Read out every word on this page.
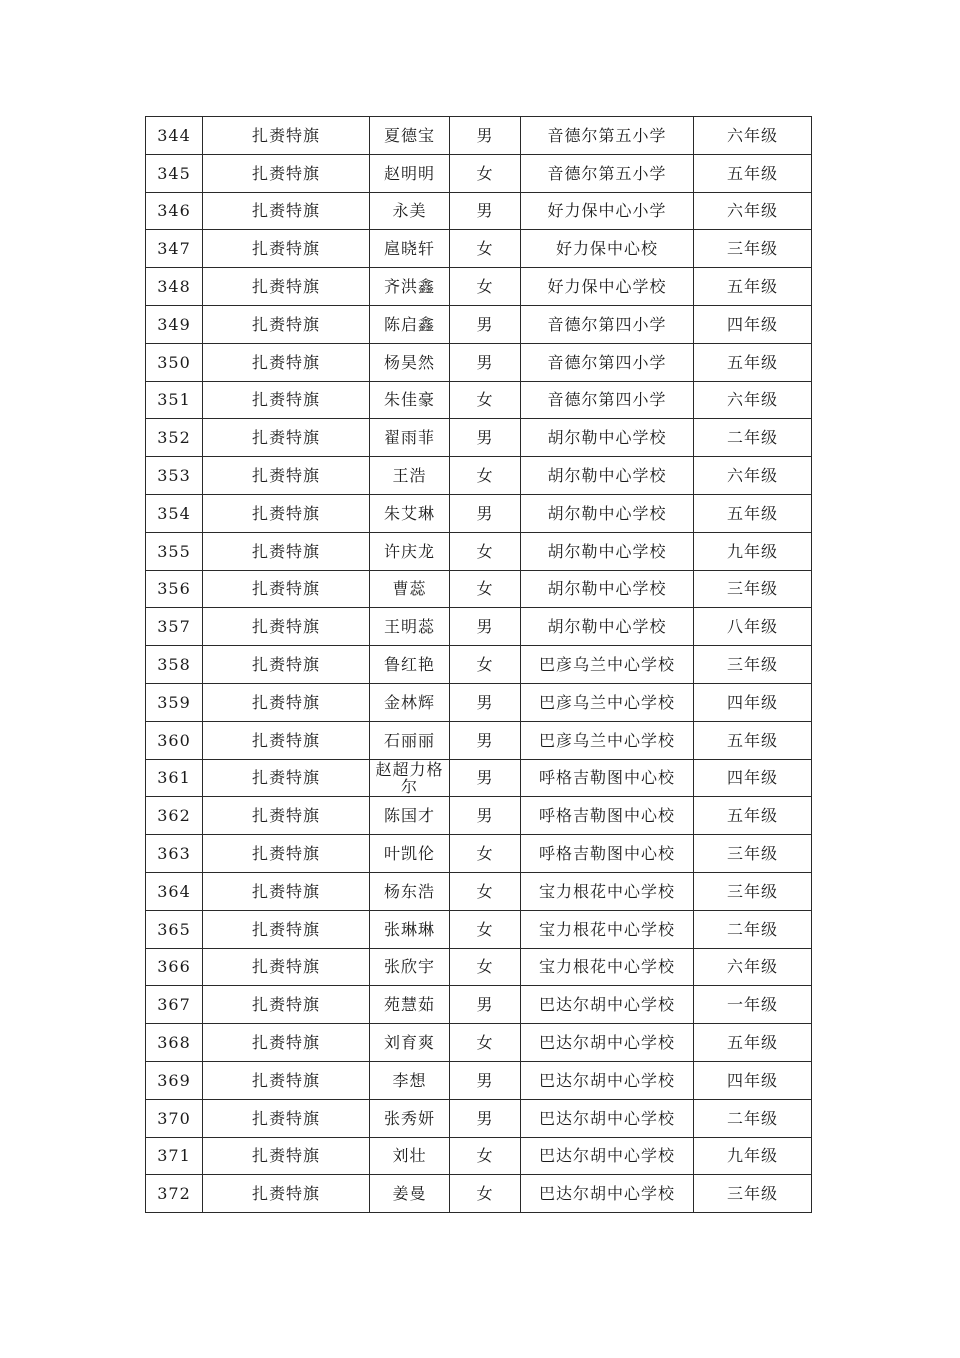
344	扎赉特旗	夏德宝	男	音德尔第五小学	六年级
345	扎赉特旗	赵明明	女	音德尔第五小学	五年级
346	扎赉特旗	永美	男	好力保中心小学	六年级
347	扎赉特旗	扈晓轩	女	好力保中心校	三年级
348	扎赉特旗	齐洪鑫	女	好力保中心学校	五年级
349	扎赉特旗	陈启鑫	男	音德尔第四小学	四年级
350	扎赉特旗	杨昊然	男	音德尔第四小学	五年级
351	扎赉特旗	朱佳豪	女	音德尔第四小学	六年级
352	扎赉特旗	翟雨菲	男	胡尔勒中心学校	二年级
353	扎赉特旗	王浩	女	胡尔勒中心学校	六年级
354	扎赉特旗	朱艾琳	男	胡尔勒中心学校	五年级
355	扎赉特旗	许庆龙	女	胡尔勒中心学校	九年级
356	扎赉特旗	曹蕊	女	胡尔勒中心学校	三年级
357	扎赉特旗	王明蕊	男	胡尔勒中心学校	八年级
358	扎赉特旗	鲁红艳	女	巴彦乌兰中心学校	三年级
359	扎赉特旗	金林辉	男	巴彦乌兰中心学校	四年级
360	扎赉特旗	石丽丽	男	巴彦乌兰中心学校	五年级
361	扎赉特旗	赵超力格尔	男	呼格吉勒图中心校	四年级
362	扎赉特旗	陈国才	男	呼格吉勒图中心校	五年级
363	扎赉特旗	叶凯伦	女	呼格吉勒图中心校	三年级
364	扎赉特旗	杨东浩	女	宝力根花中心学校	三年级
365	扎赉特旗	张琳琳	女	宝力根花中心学校	二年级
366	扎赉特旗	张欣宇	女	宝力根花中心学校	六年级
367	扎赉特旗	苑慧茹	男	巴达尔胡中心学校	一年级
368	扎赉特旗	刘育爽	女	巴达尔胡中心学校	五年级
369	扎赉特旗	李想	男	巴达尔胡中心学校	四年级
370	扎赉特旗	张秀妍	男	巴达尔胡中心学校	二年级
371	扎赉特旗	刘壮	女	巴达尔胡中心学校	九年级
372	扎赉特旗	姜曼	女	巴达尔胡中心学校	三年级
